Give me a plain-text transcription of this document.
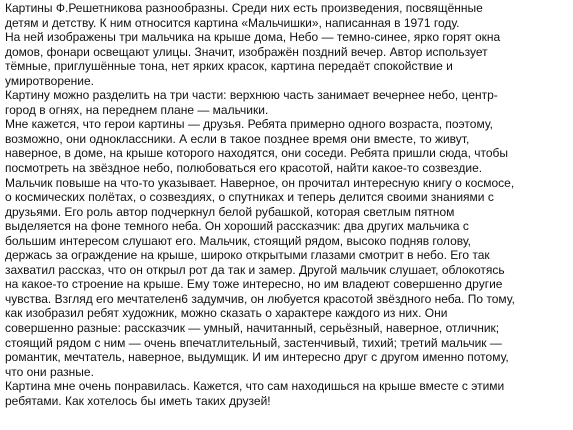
Картины Ф.Решетникова разнообразны. Среди них есть произведения, посвящённые
детям и детству. К ним относится картина «Мальчишки», написанная в 1971 году.
На ней изображены три мальчика на крыше дома, Небо — темно-синее, ярко горят окна
домов, фонари освещают улицы. Значит, изображён поздний вечер. Автор использует
тёмные, приглушённые тона, нет ярких красок, картина передаёт спокойствие и
умиротворение.
Картину можно разделить на три части: верхнюю часть занимает вечернее небо, центр-
город в огнях, на переднем плане — мальчики.
Мне кажется, что герои картины — друзья. Ребята примерно одного возраста, поэтому,
возможно, они одноклассники. А если в такое позднее время они вместе, то живут,
наверное, в доме, на крыше которого находятся, они соседи. Ребята пришли сюда, чтобы
посмотреть на звёздное небо, полюбоваться его красотой, найти какое-то созвездие.
Мальчик повыше на что-то указывает. Наверное, он прочитал интересную книгу о космосе,
о космических полётах, о созвездиях, о спутниках и теперь делится своими знаниями с
друзьями. Его роль автор подчеркнул белой рубашкой, которая светлым пятном
выделяется на фоне темного неба. Он хороший рассказчик: два других мальчика с
большим интересом слушают его. Мальчик, стоящий рядом, высоко подняв голову,
держась за ограждение на крыше, широко открытыми глазами смотрит в небо. Его так
захватил рассказ, что он открыл рот да так и замер. Другой мальчик слушает, облокотясь
на какое-то строение на крыше. Ему тоже интересно, но им владеют совершенно другие
чувства. Взгляд его мечтателен6 задумчив, он любуется красотой звёздного неба. По тому,
как изобразил ребят художник, можно сказать о характере каждого из них. Они
совершенно разные: рассказчик — умный, начитанный, серьёзный, наверное, отличник;
стоящий рядом с ним — очень впечатлительный, застенчивый, тихий; третий мальчик —
романтик, мечтатель, наверное, выдумщик. И им интересно друг с другом именно потому,
что они разные.
Картина мне очень понравилась. Кажется, что сам находишься на крыше вместе с этими
ребятами. Как хотелось бы иметь таких друзей!
